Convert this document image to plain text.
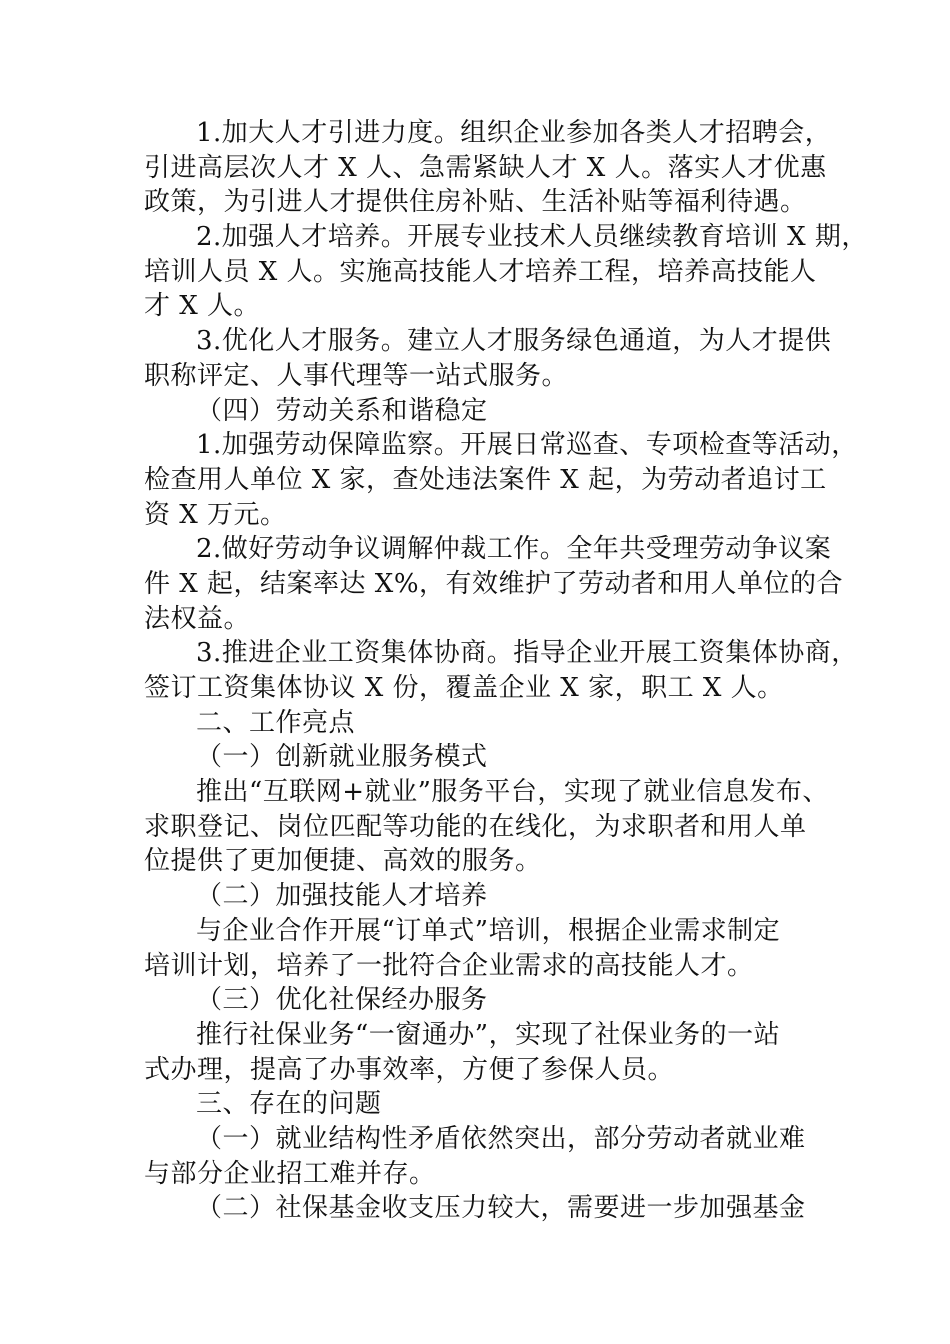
1.加大人才引进力度。组织企业参加各类人才招聘会，
引进高层次人才 X 人、急需紧缺人才 X 人。落实人才优惠
政策，为引进人才提供住房补贴、生活补贴等福利待遇。
2.加强人才培养。开展专业技术人员继续教育培训 X 期，
培训人员 X 人。实施高技能人才培养工程，培养高技能人
才 X 人。
3.优化人才服务。建立人才服务绿色通道，为人才提供
职称评定、人事代理等一站式服务。
（四）劳动关系和谐稳定
1.加强劳动保障监察。开展日常巡查、专项检查等活动，
检查用人单位 X 家，查处违法案件 X 起，为劳动者追讨工
资 X 万元。
2.做好劳动争议调解仲裁工作。全年共受理劳动争议案
件 X 起，结案率达 X%，有效维护了劳动者和用人单位的合
法权益。
3.推进企业工资集体协商。指导企业开展工资集体协商，
签订工资集体协议 X 份，覆盖企业 X 家，职工 X 人。
二、工作亮点
（一）创新就业服务模式
推出“互联网+就业”服务平台，实现了就业信息发布、
求职登记、岗位匹配等功能的在线化，为求职者和用人单
位提供了更加便捷、高效的服务。
（二）加强技能人才培养
与企业合作开展“订单式”培训，根据企业需求制定
培训计划，培养了一批符合企业需求的高技能人才。
（三）优化社保经办服务
推行社保业务“一窗通办”，实现了社保业务的一站
式办理，提高了办事效率，方便了参保人员。
三、存在的问题
（一）就业结构性矛盾依然突出，部分劳动者就业难
与部分企业招工难并存。
（二）社保基金收支压力较大，需要进一步加强基金
